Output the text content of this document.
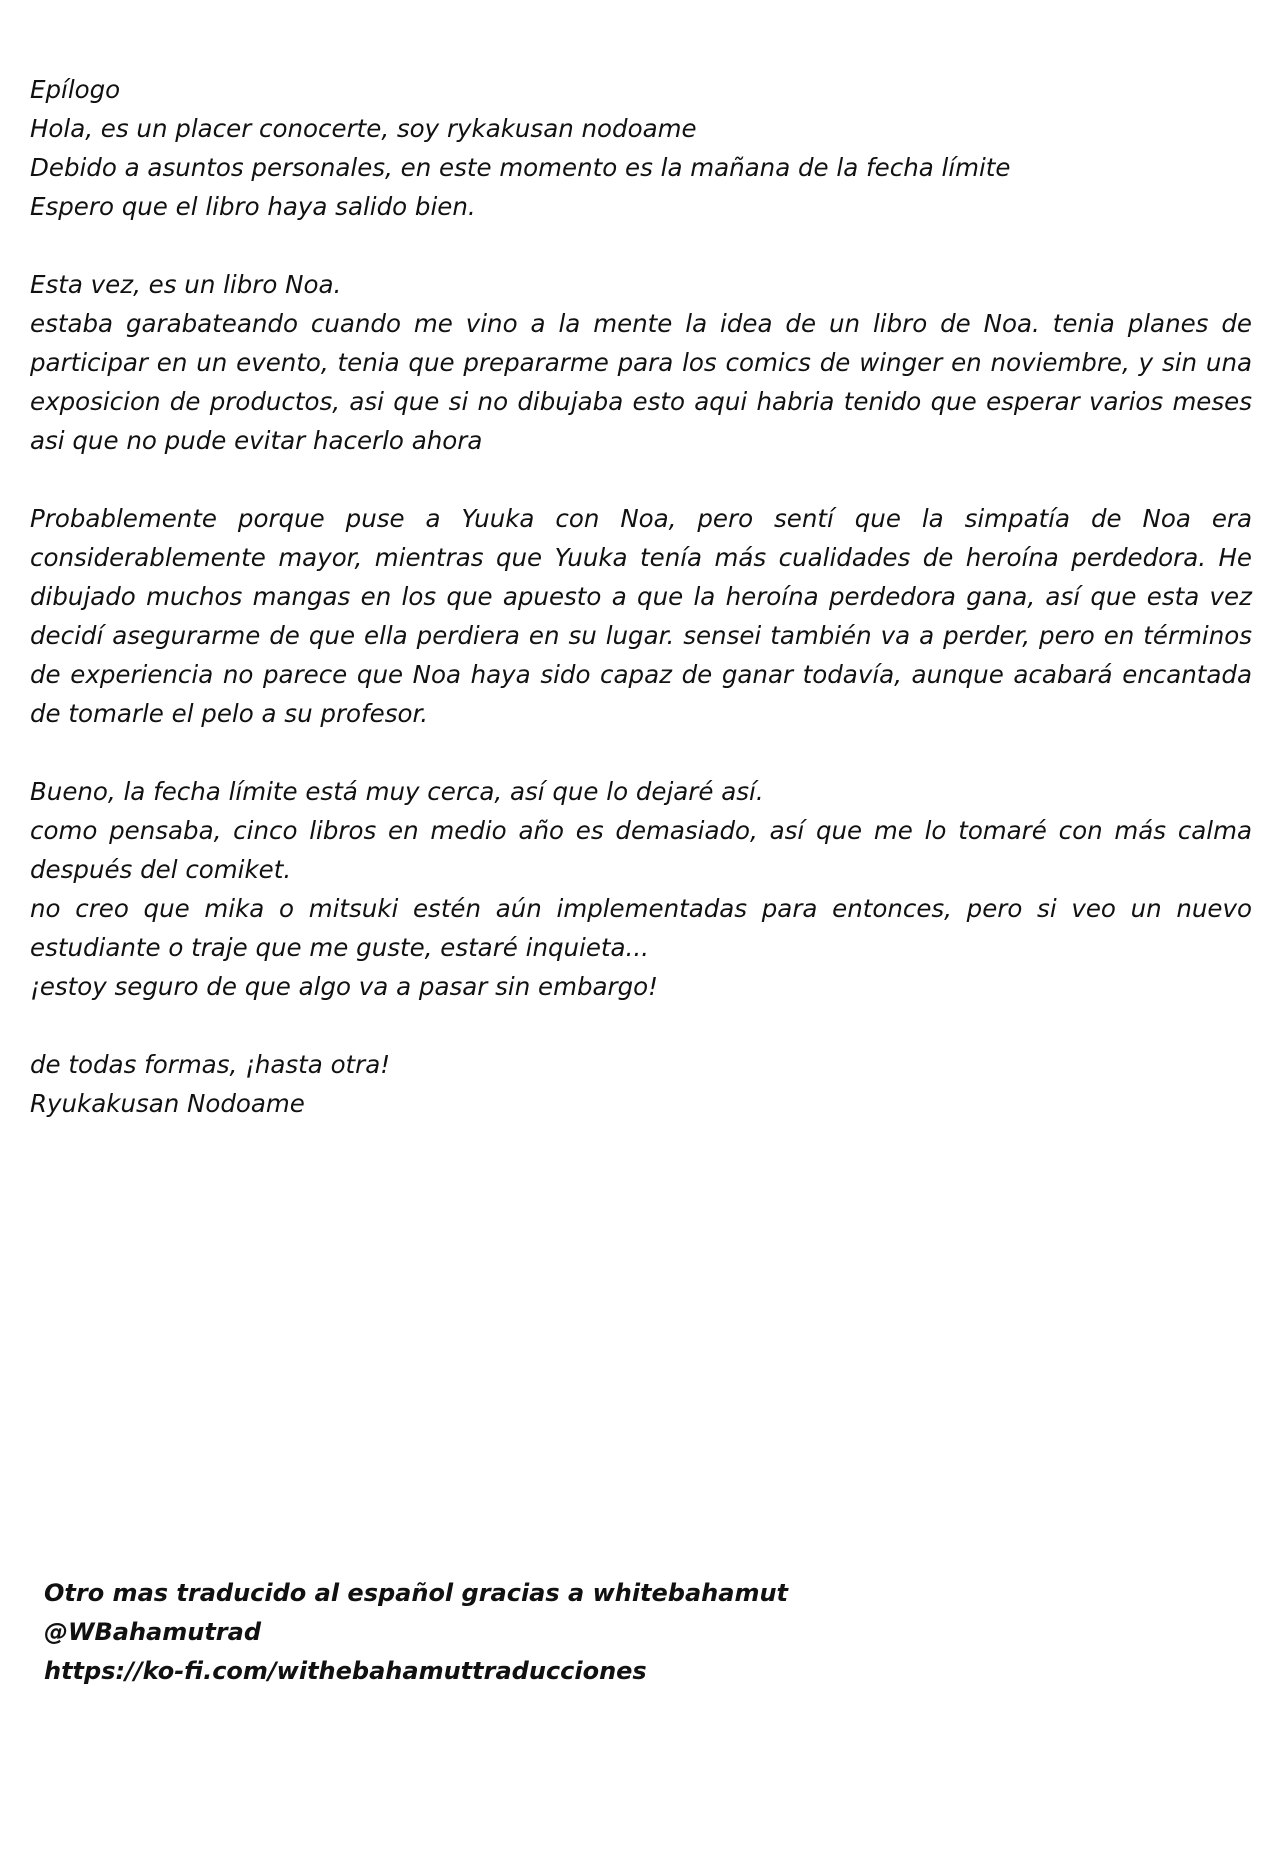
Epílogo
Hola, es un placer conocerte, soy rykakusan nodoame
Debido a asuntos personales, en este momento es la mañana de la fecha límite
Espero que el libro haya salido bien.
Esta vez, es un libro Noa.

estaba garabateando cuando me vino a la mente la idea de un libro de Noa. tenia planes de participar en un evento, tenia que prepararme para los comics de winger en noviembre, y sin una exposicion de productos, asi que si no dibujaba esto aqui habria tenido que esperar varios meses asi que no pude evitar hacerlo ahora

Probablemente porque puse a Yuuka con Noa, pero sentí que la simpatía de Noa era considerablemente mayor, mientras que Yuuka tenía más cualidades de heroína perdedora. He dibujado muchos mangas en los que apuesto a que la heroína perdedora gana, así que esta vez decidí asegurarme de que ella perdiera en su lugar. sensei también va a perder, pero en términos de experiencia no parece que Noa haya sido capaz de ganar todavía, aunque acabará encantada de tomarle el pelo a su profesor.

Bueno, la fecha límite está muy cerca, así que lo dejaré así.

como pensaba, cinco libros en medio año es demasiado, así que me lo tomaré con más calma después del comiket.

no creo que mika o mitsuki estén aún implementadas para entonces, pero si veo un nuevo estudiante o traje que me guste, estaré inquieta...

¡estoy seguro de que algo va a pasar sin embargo!
de todas formas, ¡hasta otra!
Ryukakusan Nodoame
Otro mas traducido al español gracias a whitebahamut
@WBahamutrad
https://ko-fi.com/withebahamuttraducciones
